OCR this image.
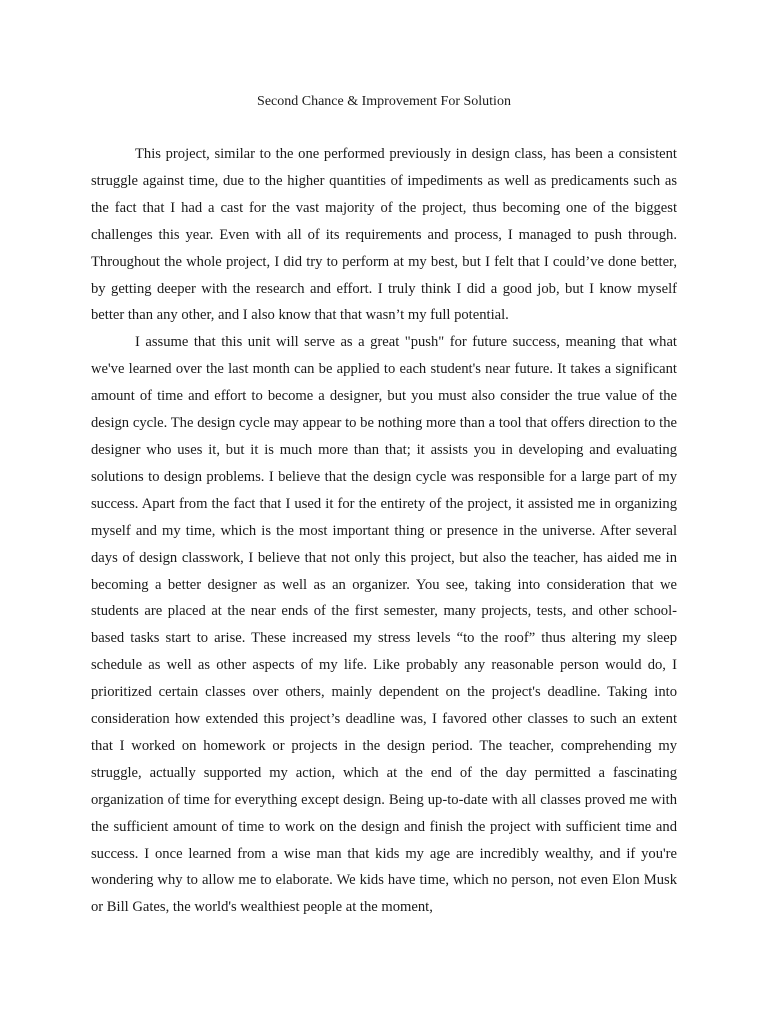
Second Chance & Improvement For Solution

This project, similar to the one performed previously in design class, has been a consistent struggle against time, due to the higher quantities of impediments as well as predicaments such as the fact that I had a cast for the vast majority of the project, thus becoming one of the biggest challenges this year. Even with all of its requirements and process, I managed to push through. Throughout the whole project, I did try to perform at my best, but I felt that I could’ve done better, by getting deeper with the research and effort. I truly think I did a good job, but I know myself better than any other, and I also know that that wasn’t my full potential.

I assume that this unit will serve as a great "push" for future success, meaning that what we've learned over the last month can be applied to each student's near future. It takes a significant amount of time and effort to become a designer, but you must also consider the true value of the design cycle. The design cycle may appear to be nothing more than a tool that offers direction to the designer who uses it, but it is much more than that; it assists you in developing and evaluating solutions to design problems. I believe that the design cycle was responsible for a large part of my success. Apart from the fact that I used it for the entirety of the project, it assisted me in organizing myself and my time, which is the most important thing or presence in the universe. After several days of design classwork, I believe that not only this project, but also the teacher, has aided me in becoming a better designer as well as an organizer. You see, taking into consideration that we students are placed at the near ends of the first semester, many projects, tests, and other school-based tasks start to arise. These increased my stress levels “to the roof” thus altering my sleep schedule as well as other aspects of my life. Like probably any reasonable person would do, I prioritized certain classes over others, mainly dependent on the project's deadline. Taking into consideration how extended this project’s deadline was, I favored other classes to such an extent that I worked on homework or projects in the design period. The teacher, comprehending my struggle, actually supported my action, which at the end of the day permitted a fascinating organization of time for everything except design. Being up-to-date with all classes proved me with the sufficient amount of time to work on the design and finish the project with sufficient time and success. I once learned from a wise man that kids my age are incredibly wealthy, and if you're wondering why to allow me to elaborate. We kids have time, which no person, not even Elon Musk or Bill Gates, the world's wealthiest people at the moment,
